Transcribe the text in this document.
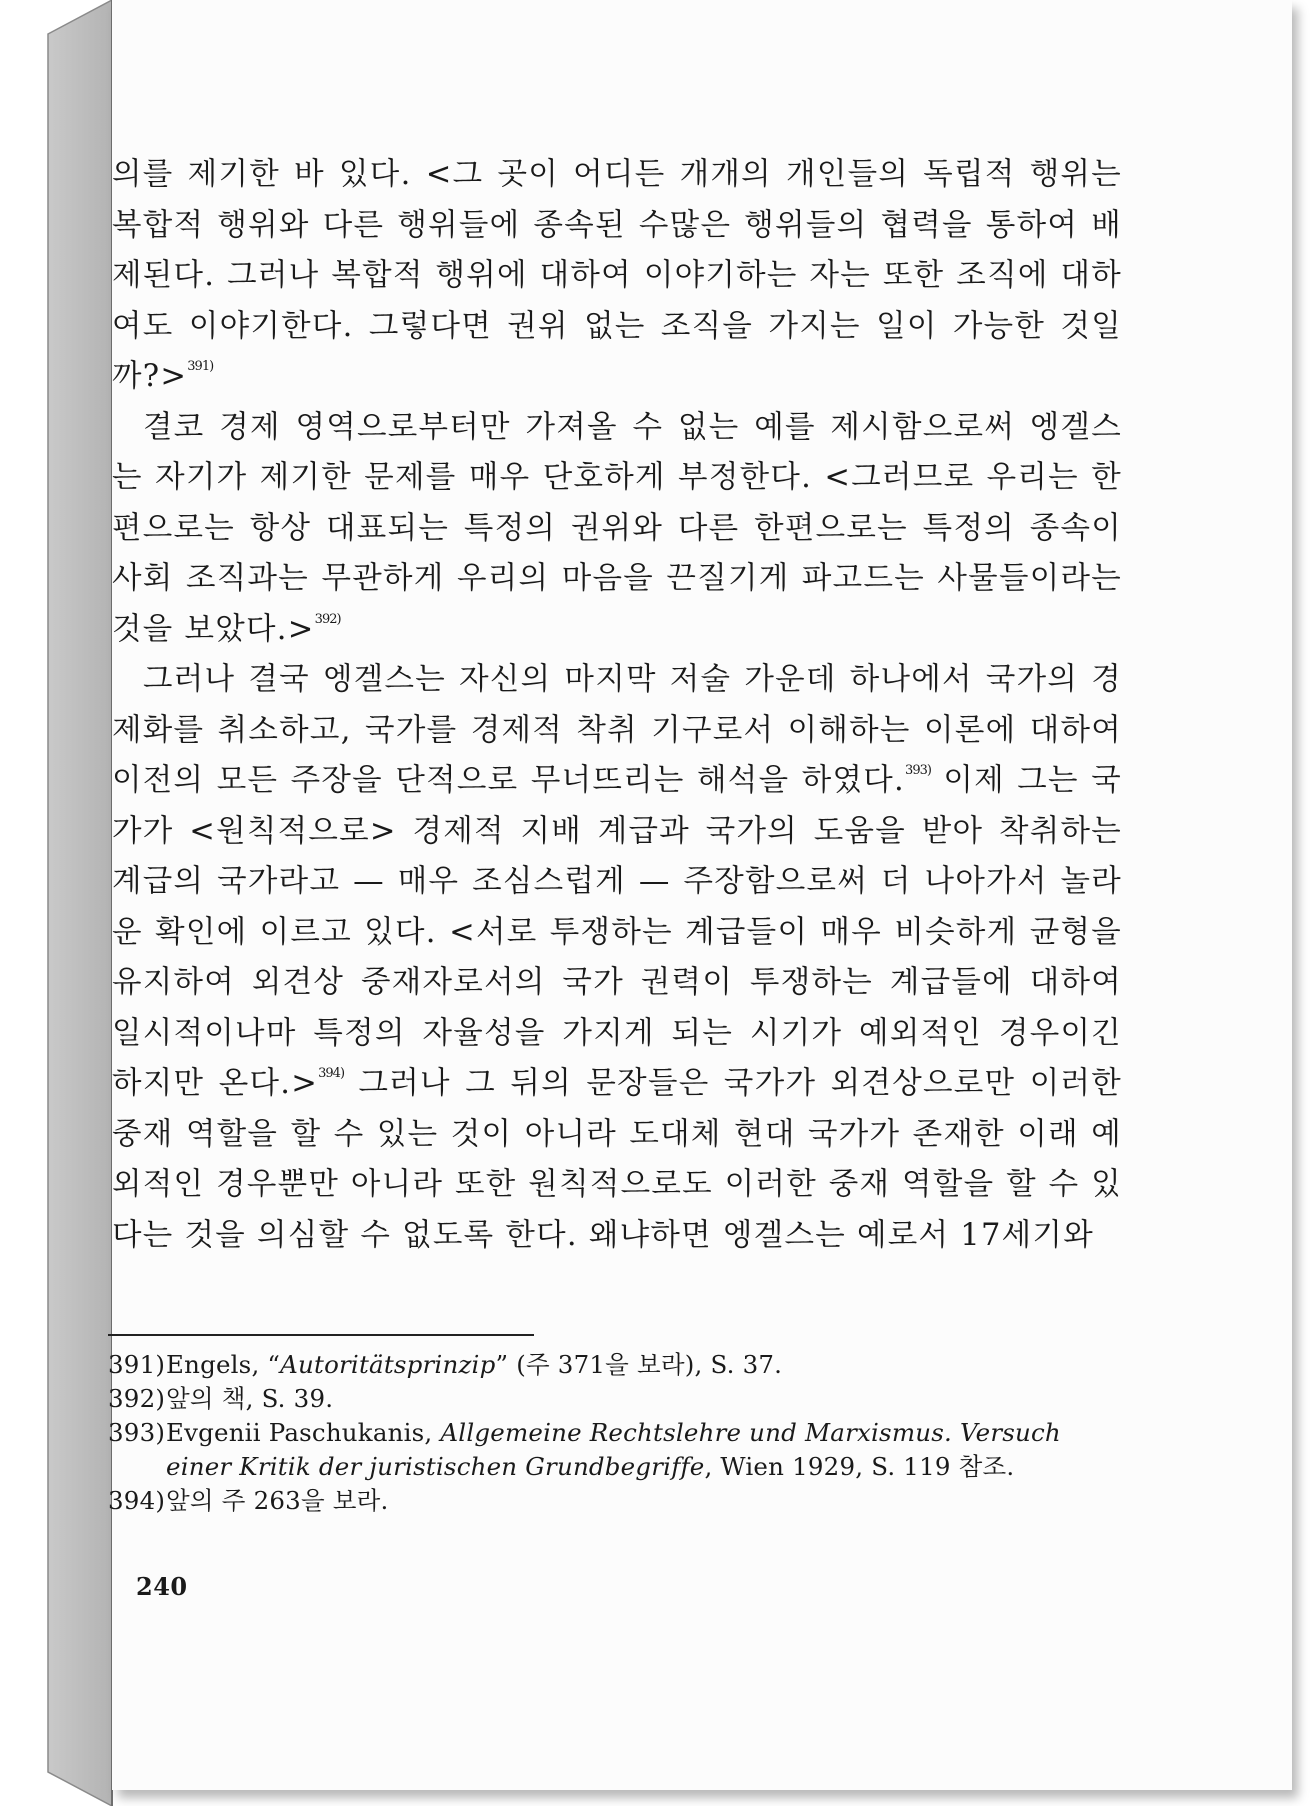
의를 제기한 바 있다. <그 곳이 어디든 개개의 개인들의 독립적 행위는 복합적 행위와 다른 행위들에 종속된 수많은 행위들의 협력을 통하여 배제된다. 그러나 복합적 행위에 대하여 이야기하는 자는 또한 조직에 대하여도 이야기한다. 그렇다면 권위 없는 조직을 가지는 일이 가능한 것일까?>$^{391)}$

결코 경제 영역으로부터만 가져올 수 없는 예를 제시함으로써 엥겔스는 자기가 제기한 문제를 매우 단호하게 부정한다. <그러므로 우리는 한편으로는 항상 대표되는 특정의 권위와 다른 한편으로는 특정의 종속이 사회 조직과는 무관하게 우리의 마음을 끈질기게 파고드는 사물들이라는 것을 보았다.>$^{392)}$

그러나 결국 엥겔스는 자신의 마지막 저술 가운데 하나에서 국가의 경제화를 취소하고, 국가를 경제적 착취 기구로서 이해하는 이론에 대하여 이전의 모든 주장을 단적으로 무너뜨리는 해석을 하였다.$^{393)}$ 이제 그는 국가가 <원칙적으로> 경제적 지배 계급과 국가의 도움을 받아 착취하는 계급의 국가라고 — 매우 조심스럽게 — 주장함으로써 더 나아가서 놀라운 확인에 이르고 있다. <서로 투쟁하는 계급들이 매우 비슷하게 균형을 유지하여 외견상 중재자로서의 국가 권력이 투쟁하는 계급들에 대하여 일시적이나마 특정의 자율성을 가지게 되는 시기가 예외적인 경우이긴 하지만 온다.>$^{394)}$ 그러나 그 뒤의 문장들은 국가가 외견상으로만 이러한 중재 역할을 할 수 있는 것이 아니라 도대체 현대 국가가 존재한 이래 예외적인 경우뿐만 아니라 또한 원칙적으로도 이러한 중재 역할을 할 수 있다는 것을 의심할 수 없도록 한다. 왜냐하면 엥겔스는 예로서 17세기와

391) Engels, “Autoritätsprinzip” (주 371을 보라), S. 37.
392) 앞의 책, S. 39.
393) Evgenii Paschukanis, Allgemeine Rechtslehre und Marxismus. Versuch einer Kritik der juristischen Grundbegriffe, Wien 1929, S. 119 참조.
394) 앞의 주 263을 보라.
240
